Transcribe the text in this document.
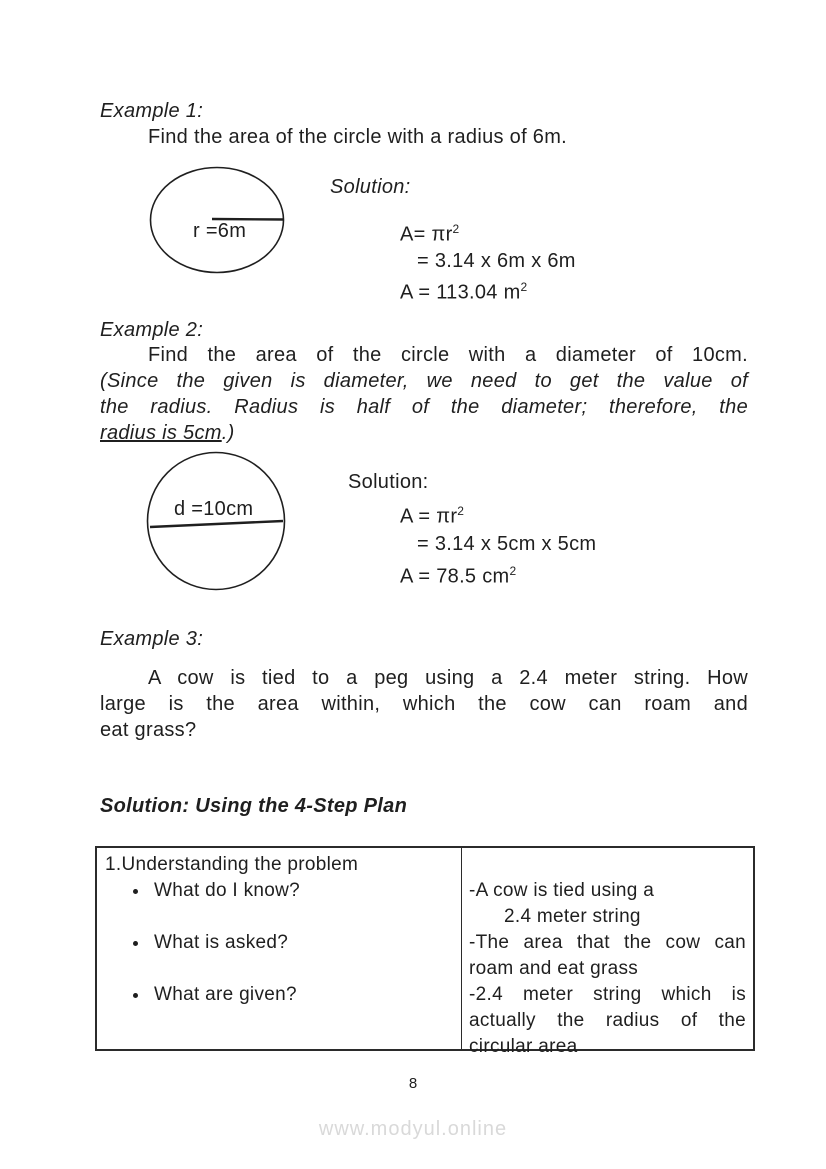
Example 1:
Find the area of the circle with a radius of 6m.
r =6m
Solution:
$A= \pi r^2$
= 3.14 x 6m x 6m
A = 113.04 $m^2$
Example 2:
Find the area of the circle with a diameter of 10cm.
(Since the given is diameter, we need to get the value of
the radius. Radius is half of the diameter; therefore, the
radius is 5cm.)
d =10cm
Solution:
$A = \pi r^2$
= 3.14 x 5cm x 5cm
A = 78.5 $cm^2$
Example 3:
A cow is tied to a peg using a 2.4 meter string. How
large is the area within, which the cow can roam and
eat grass?
Solution: Using the 4-Step Plan
1.Understanding the problem
What do I know?
What is asked?
What are given?
-A cow is tied using a
2.4 meter string
-The area that the cow can
roam and eat grass
-2.4 meter string which is
actually the radius of the
circular area
8
www.modyul.online
